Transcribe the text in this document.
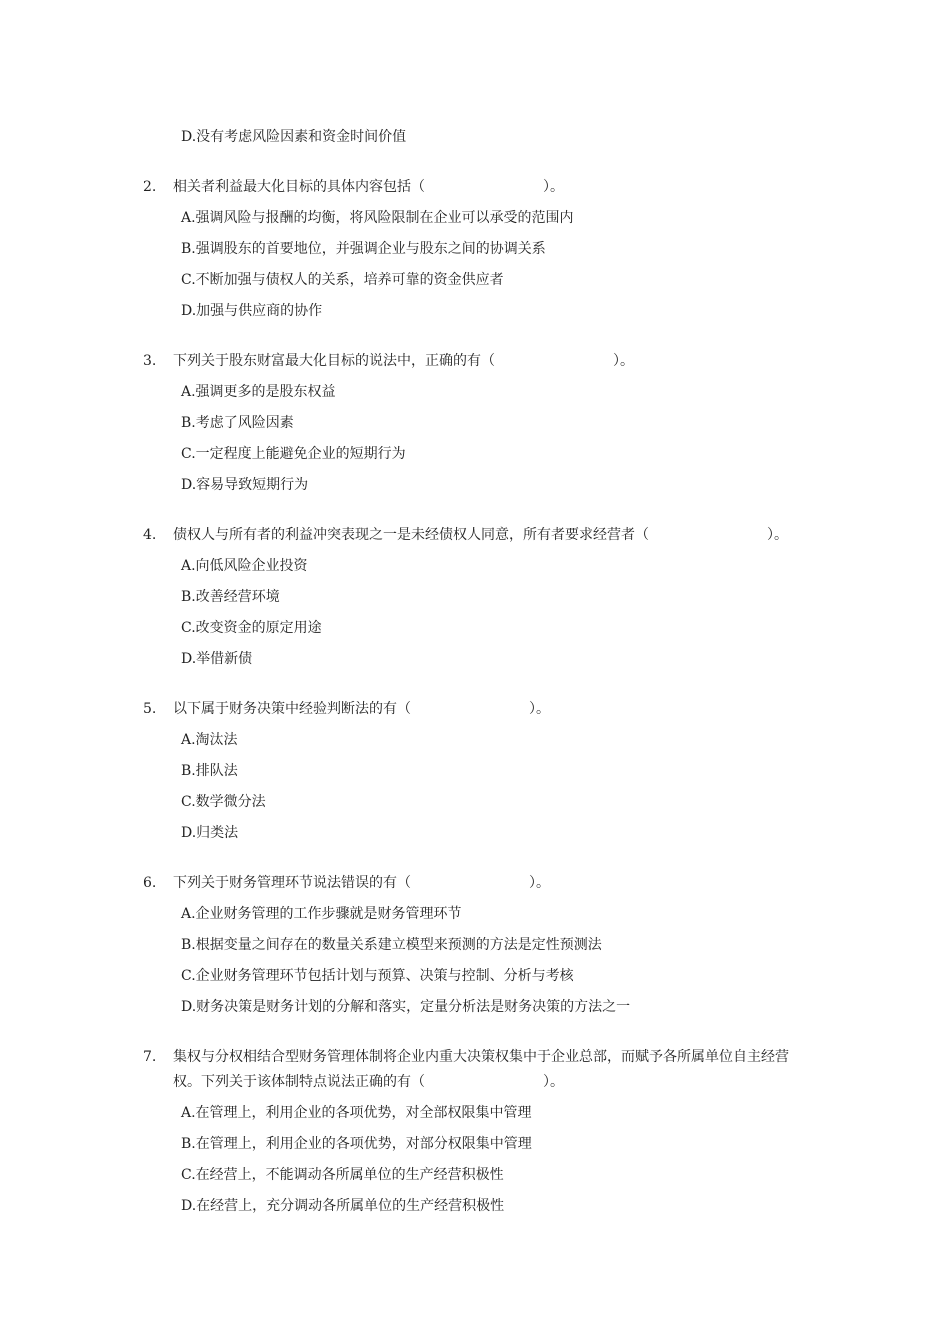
D.没有考虑风险因素和资金时间价值
2. 相关者利益最大化目标的具体内容包括（	）。
A.强调风险与报酬的均衡，将风险限制在企业可以承受的范围内
B.强调股东的首要地位，并强调企业与股东之间的协调关系
C.不断加强与债权人的关系，培养可靠的资金供应者
D.加强与供应商的协作
3. 下列关于股东财富最大化目标的说法中，正确的有（	）。
A.强调更多的是股东权益
B.考虑了风险因素
C.一定程度上能避免企业的短期行为
D.容易导致短期行为
4. 债权人与所有者的利益冲突表现之一是未经债权人同意，所有者要求经营者（	）。
A.向低风险企业投资
B.改善经营环境
C.改变资金的原定用途
D.举借新债
5. 以下属于财务决策中经验判断法的有（	）。
A.淘汰法
B.排队法
C.数学微分法
D.归类法
6. 下列关于财务管理环节说法错误的有（	）。
A.企业财务管理的工作步骤就是财务管理环节
B.根据变量之间存在的数量关系建立模型来预测的方法是定性预测法
C.企业财务管理环节包括计划与预算、决策与控制、分析与考核
D.财务决策是财务计划的分解和落实，定量分析法是财务决策的方法之一
7. 集权与分权相结合型财务管理体制将企业内重大决策权集中于企业总部，而赋予各所属单位自主经营
权。下列关于该体制特点说法正确的有（	）。
A.在管理上，利用企业的各项优势，对全部权限集中管理
B.在管理上，利用企业的各项优势，对部分权限集中管理
C.在经营上，不能调动各所属单位的生产经营积极性
D.在经营上，充分调动各所属单位的生产经营积极性
